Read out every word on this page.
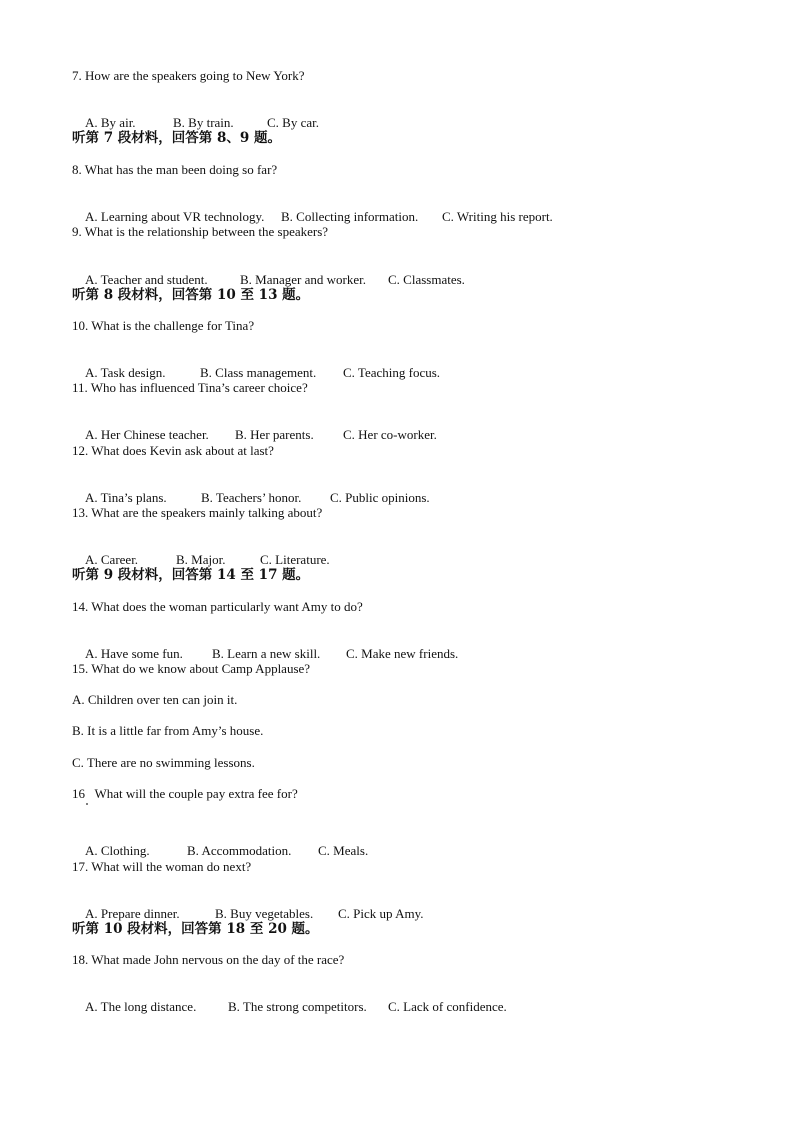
7. How are the speakers going to New York?

A. By air.	B. By train.	C. By car.

听第 7 段材料，回答第 8、9 题。
8. What has the man been doing so far?

A. Learning about VR technology. B. Collecting information. C. Writing his report.

9. What is the relationship between the speakers?

A. Teacher and student. B. Manager and worker. C. Classmates.

听第 8 段材料，回答第 10 至 13 题。
10. What is the challenge for Tina?

A. Task design.	B. Class management. C. Teaching focus.

11. Who has influenced Tina’s career choice?

A. Her Chinese teacher. B. Her parents. C. Her co-worker.

12. What does Kevin ask about at last?

A. Tina’s plans.	B. Teachers’ honor. C. Public opinions.

13. What are the speakers mainly talking about?

A. Career.	B. Major.	C. Literature.

听第 9 段材料，回答第 14 至 17 题。
14. What does the woman particularly want Amy to do?

A. Have some fun. B. Learn a new skill. C. Make new friends.

15. What do we know about Camp Applause?
A. Children over ten can join it.
B. It is a little far from Amy’s house.
C. There are no swimming lessons.
16   What will the couple pay extra fee for?

A. Clothing.	B. Accommodation. C. Meals.

17. What will the woman do next?

A. Prepare dinner.	B. Buy vegetables. C. Pick up Amy.

听第 10 段材料，回答第 18 至 20 题。
18. What made John nervous on the day of the race?

A. The long distance. B. The strong competitors. C. Lack of confidence.
